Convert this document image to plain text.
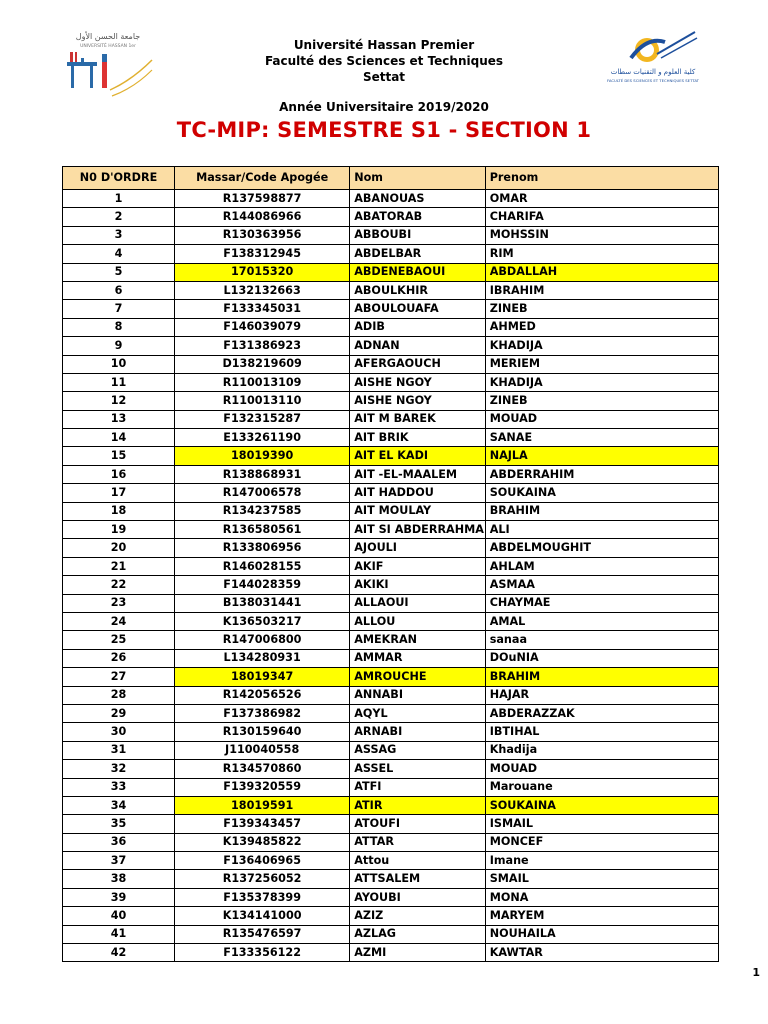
جامعة الحسن الأول
UNIVERSITÉ HASSAN 1er	Université Hassan Premier
Faculté des Sciences et Techniques
Settat	كلية العلوم و التقنيات سطات
FACULTÉ DES SCIENCES ET TECHNIQUES SETTAT
Année Universitaire 2019/2020
TC-MIP: SEMESTRE S1 - SECTION 1
N0 D'ORDRE	Massar/Code Apogée	Nom	Prenom
1	R137598877	ABANOUAS	OMAR
2	R144086966	ABATORAB	CHARIFA
3	R130363956	ABBOUBI	MOHSSIN
4	F138312945	ABDELBAR	RIM
5	17015320	ABDENEBAOUI	ABDALLAH
6	L132132663	ABOULKHIR	IBRAHIM
7	F133345031	ABOULOUAFA	ZINEB
8	F146039079	ADIB	AHMED
9	F131386923	ADNAN	KHADIJA
10	D138219609	AFERGAOUCH	MERIEM
11	R110013109	AISHE NGOY	KHADIJA
12	R110013110	AISHE NGOY	ZINEB
13	F132315287	AIT M BAREK	MOUAD
14	E133261190	AIT BRIK	SANAE
15	18019390	AIT EL KADI	NAJLA
16	R138868931	AIT -EL-MAALEM	ABDERRAHIM
17	R147006578	AIT HADDOU	SOUKAINA
18	R134237585	AIT MOULAY	BRAHIM
19	R136580561	AIT SI ABDERRAHMA	ALI
20	R133806956	AJOULI	ABDELMOUGHIT
21	R146028155	AKIF	AHLAM
22	F144028359	AKIKI	ASMAA
23	B138031441	ALLAOUI	CHAYMAE
24	K136503217	ALLOU	AMAL
25	R147006800	AMEKRAN	sanaa
26	L134280931	AMMAR	DOuNIA
27	18019347	AMROUCHE	BRAHIM
28	R142056526	ANNABI	HAJAR
29	F137386982	AQYL	ABDERAZZAK
30	R130159640	ARNABI	IBTIHAL
31	J110040558	ASSAG	Khadija
32	R134570860	ASSEL	MOUAD
33	F139320559	ATFI	Marouane
34	18019591	ATIR	SOUKAINA
35	F139343457	ATOUFI	ISMAIL
36	K139485822	ATTAR	MONCEF
37	F136406965	Attou	Imane
38	R137256052	ATTSALEM	SMAIL
39	F135378399	AYOUBI	MONA
40	K134141000	AZIZ	MARYEM
41	R135476597	AZLAG	NOUHAILA
42	F133356122	AZMI	KAWTAR
1
